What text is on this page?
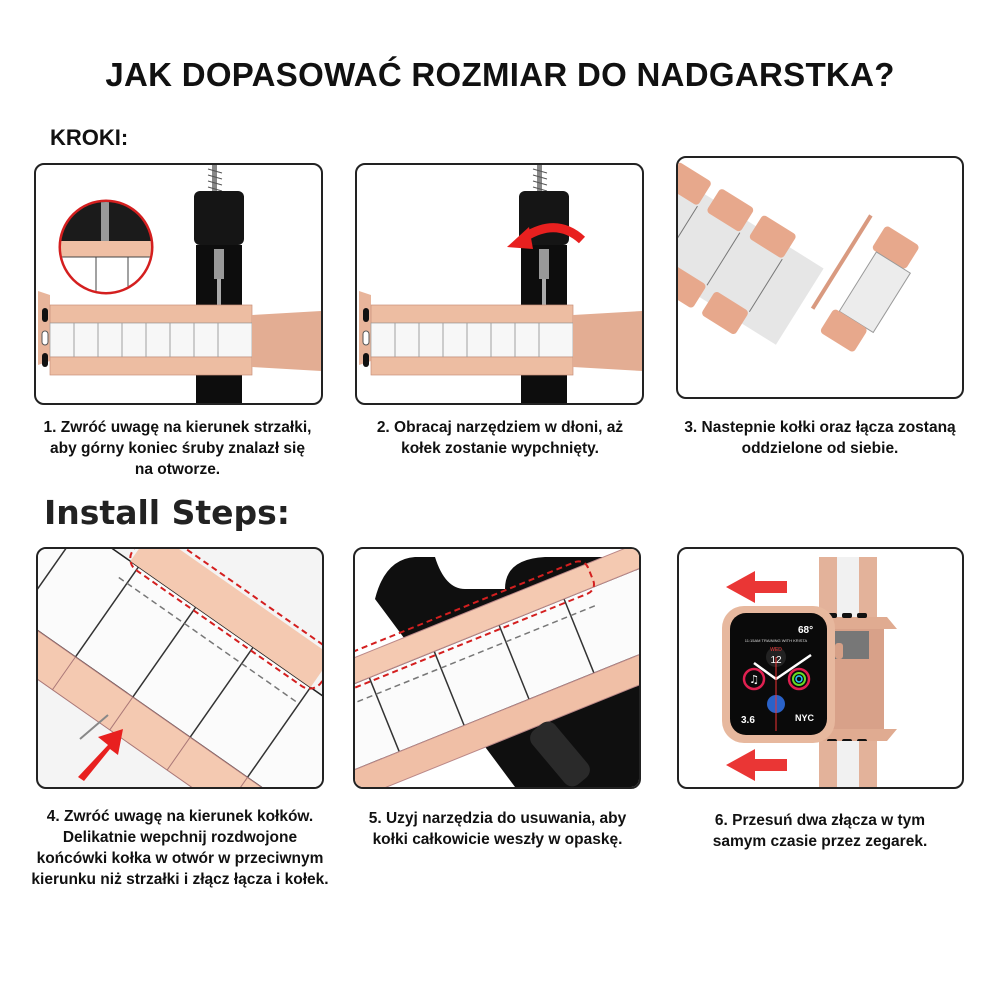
JAK DOPASOWAĆ ROZMIAR DO NADGARSTKA?
KROKI:
1. Zwróć uwagę na kierunek strzałki,
aby górny koniec śruby znalazł się
na otworze.
2. Obracaj narzędziem w dłoni, aż
kołek zostanie wypchnięty.
3. Nastepnie kołki oraz łącza zostaną
oddzielone od siebie.
Install Steps:
WED
12
68°
11:15AM TRAINING WITH KRISTA
♫
3.6	NYC
4. Zwróć uwagę na kierunek kołków.
Delikatnie wepchnij rozdwojone
końcówki kołka w otwór w przeciwnym
kierunku niż strzałki i złącz łącza i kołek.
5. Uzyj narzędzia do usuwania, aby
kołki całkowicie weszły w opaskę.
6. Przesuń dwa złącza w tym
samym czasie przez zegarek.
